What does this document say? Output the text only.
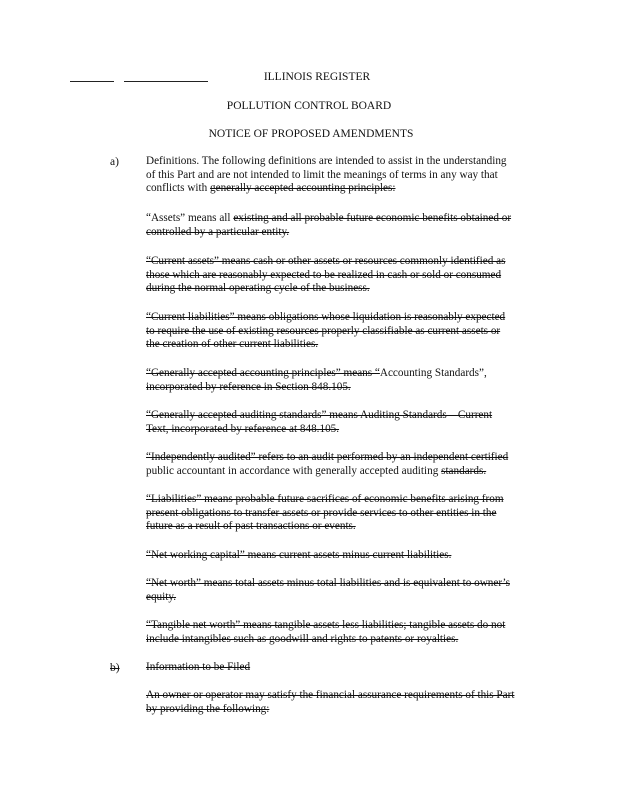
ILLINOIS REGISTER
POLLUTION CONTROL BOARD
NOTICE OF PROPOSED AMENDMENTS
a) Definitions. The following definitions are intended to assist in the understanding
of this Part and are not intended to limit the meanings of terms in any way that
conflicts with generally accepted accounting principles:
“Assets” means all existing and all probable future economic benefits obtained or
controlled by a particular entity.
“Current assets” means cash or other assets or resources commonly identified as
those which are reasonably expected to be realized in cash or sold or consumed
during the normal operating cycle of the business.
“Current liabilities” means obligations whose liquidation is reasonably expected
to require the use of existing resources properly classifiable as current assets or
the creation of other current liabilities.
“Generally accepted accounting principles” means “Accounting Standards”,
incorporated by reference in Section 848.105.
“Generally accepted auditing standards” means Auditing Standards – Current
Text, incorporated by reference at 848.105.
“Independently audited” refers to an audit performed by an independent certified
public accountant in accordance with generally accepted auditing standards.
“Liabilities” means probable future sacrifices of economic benefits arising from
present obligations to transfer assets or provide services to other entities in the
future as a result of past transactions or events.
“Net working capital” means current assets minus current liabilities.
“Net worth” means total assets minus total liabilities and is equivalent to owner’s
equity.
“Tangible net worth” means tangible assets less liabilities; tangible assets do not
include intangibles such as goodwill and rights to patents or royalties.
b) Information to be Filed
An owner or operator may satisfy the financial assurance requirements of this Part
by providing the following:
